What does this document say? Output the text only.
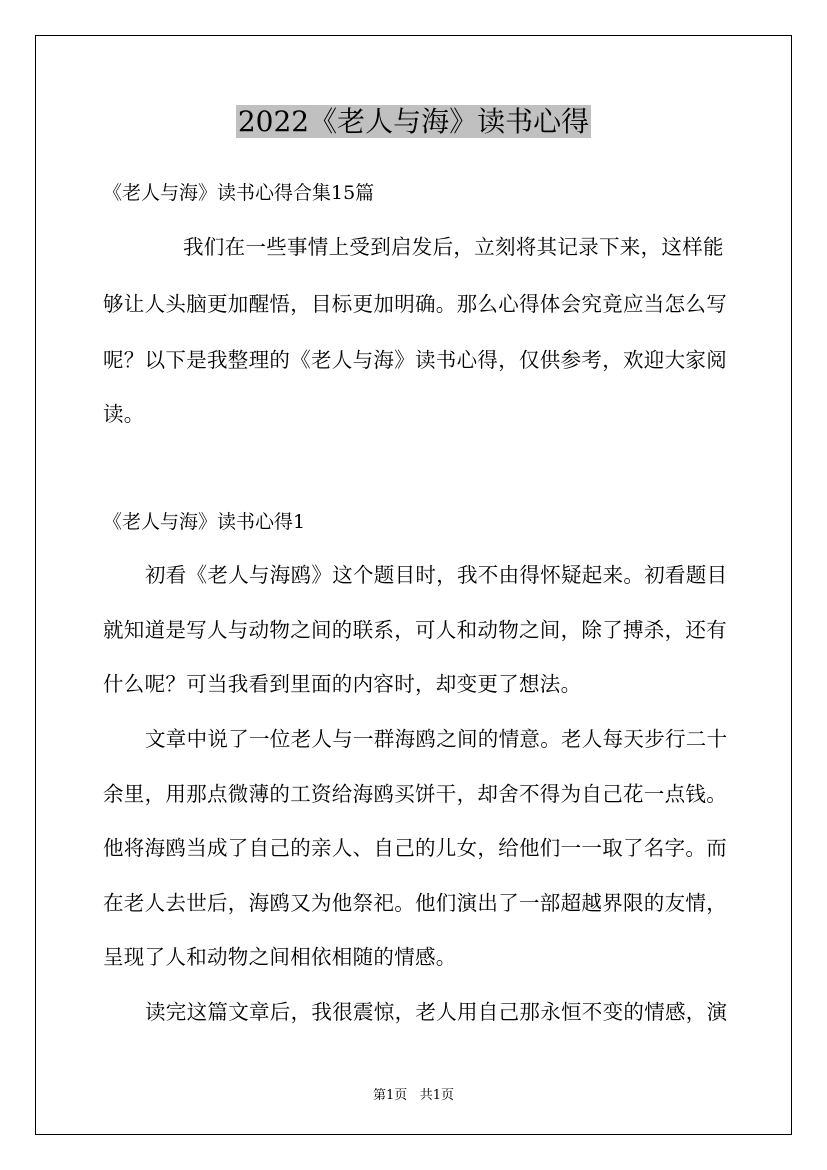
2022《老人与海》读书心得
《老人与海》读书心得合集15篇
我们在一些事情上受到启发后，立刻将其记录下来，这样能
够让人头脑更加醒悟，目标更加明确。那么心得体会究竟应当怎么写
呢？以下是我整理的《老人与海》读书心得，仅供参考，欢迎大家阅
读。
《老人与海》读书心得1
初看《老人与海鸥》这个题目时，我不由得怀疑起来。初看题目
就知道是写人与动物之间的联系，可人和动物之间，除了搏杀，还有
什么呢？可当我看到里面的内容时，却变更了想法。
文章中说了一位老人与一群海鸥之间的情意。老人每天步行二十
余里，用那点微薄的工资给海鸥买饼干，却舍不得为自己花一点钱。
他将海鸥当成了自己的亲人、自己的儿女，给他们一一取了名字。而
在老人去世后，海鸥又为他祭祀。他们演出了一部超越界限的友情，
呈现了人和动物之间相依相随的情感。
读完这篇文章后，我很震惊，老人用自己那永恒不变的情感，演
第1页 共1页
